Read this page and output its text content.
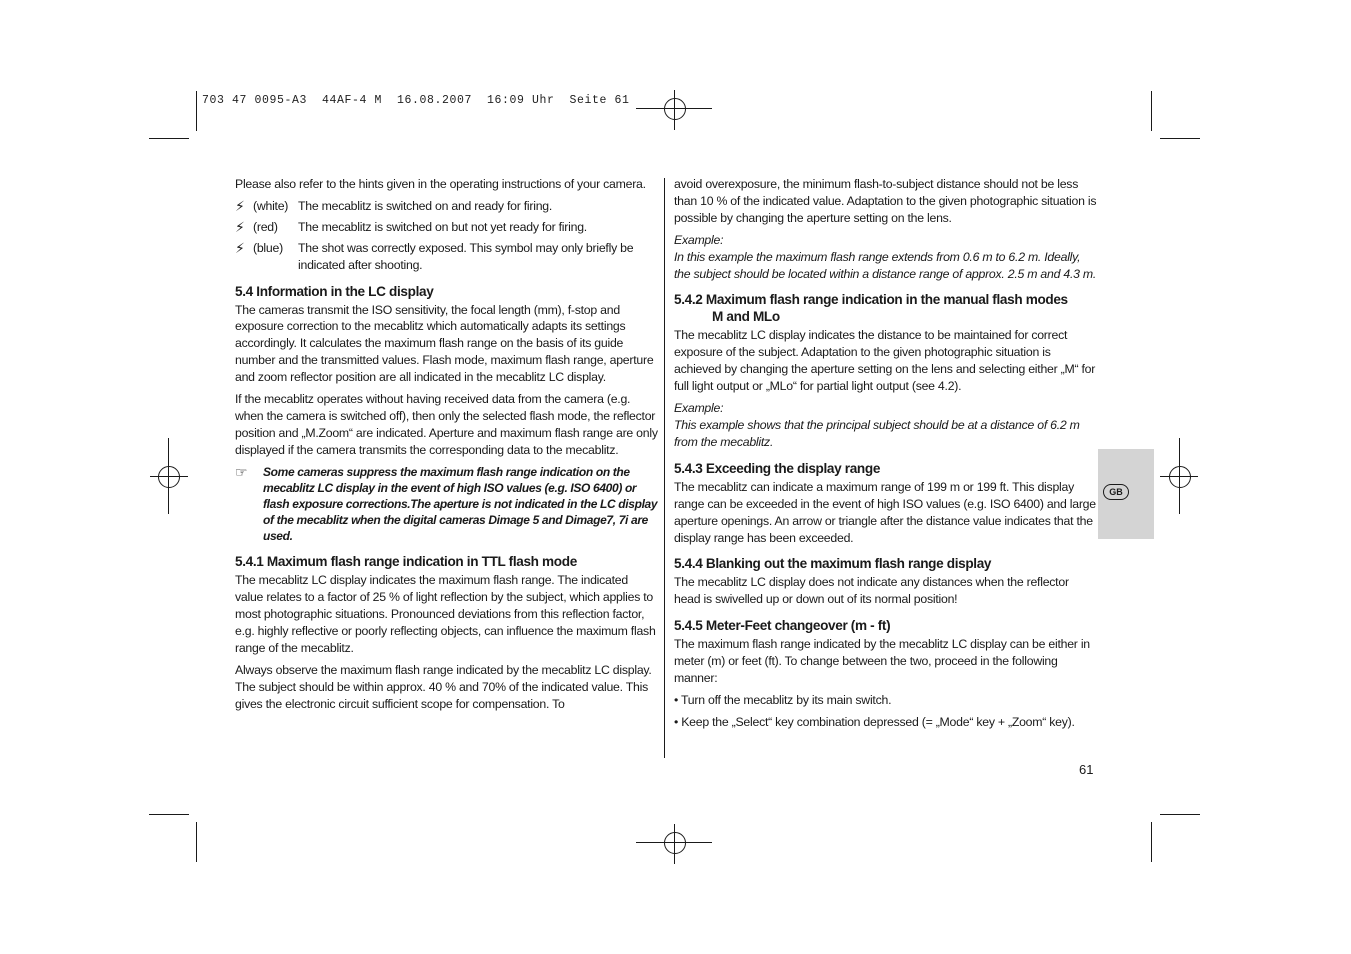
703 47 0095-A3  44AF-4 M  16.08.2007  16:09 Uhr  Seite 61

Please also refer to the hints given in the operating instructions of your camera.

⚡ (white) The mecablitz is switched on and ready for firing.
⚡ (red)	The mecablitz is switched on but not yet ready for firing.
⚡ (blue)	The shot was correctly exposed. This symbol may only briefly be indicated after shooting.
5.4 Information in the LC display

The cameras transmit the ISO sensitivity, the focal length (mm), f-stop and exposure correction to the mecablitz which automatically adapts its settings accordingly. It calculates the maximum flash range on the basis of its guide number and the transmitted values. Flash mode, maximum flash range, aperture and zoom reflector position are all indicated in the mecablitz LC display.

If the mecablitz operates without having received data from the camera (e.g. when the camera is switched off), then only the selected flash mode, the reflector position and „M.Zoom“ are indicated. Aperture and maximum flash range are only displayed if the camera transmits the corresponding data to the mecablitz.

☞	Some cameras suppress the maximum flash range indication on the mecablitz LC display in the event of high ISO values (e.g. ISO 6400) or flash exposure corrections.The aperture is not indicated in the LC display of the mecablitz when the digital cameras Dimage 5 and Dimage7, 7i are used.
5.4.1 Maximum flash range indication in TTL flash mode

The mecablitz LC display indicates the maximum flash range. The indicated value relates to a factor of 25 % of light reflection by the subject, which applies to most photographic situations. Pronounced deviations from this reflection factor, e.g. highly reflective or poorly reflecting objects, can influence the maximum flash range of the mecablitz.

Always observe the maximum flash range indicated by the mecablitz LC display. The subject should be within approx. 40 % and 70% of the indicated value. This gives the electronic circuit sufficient scope for compensation. To

avoid overexposure, the minimum flash-to-subject distance should not be less than 10 % of the indicated value. Adaptation to the given photographic situation is possible by changing the aperture setting on the lens.

Example:

In this example the maximum flash range extends from 0.6 m to 6.2 m. Ideally, the subject should be located within a distance range of approx. 2.5 m and 4.3 m.

5.4.2 Maximum flash range indication in the manual flash modes
M and MLo

The mecablitz LC display indicates the distance to be maintained for correct exposure of the subject. Adaptation to the given photographic situation is achieved by changing the aperture setting on the lens and selecting either „M“ for full light output or „MLo“ for partial light output (see 4.2).

Example:

This example shows that the principal subject should be at a distance of 6.2 m from the mecablitz.

5.4.3 Exceeding the display range

The mecablitz can indicate a maximum range of 199 m or 199 ft. This display range can be exceeded in the event of high ISO values (e.g. ISO 6400) and large aperture openings. An arrow or triangle after the distance value indicates that the display range has been exceeded.

5.4.4 Blanking out the maximum flash range display

The mecablitz LC display does not indicate any distances when the reflector head is swivelled up or down out of its normal position!

5.4.5 Meter-Feet changeover (m - ft)

The maximum flash range indicated by the mecablitz LC display can be either in meter (m) or feet (ft). To change between the two, proceed in the following manner:

• Turn off the mecablitz by its main switch.

• Keep the „Select“ key combination depressed (= „Mode“ key + „Zoom“ key).

GB
61
